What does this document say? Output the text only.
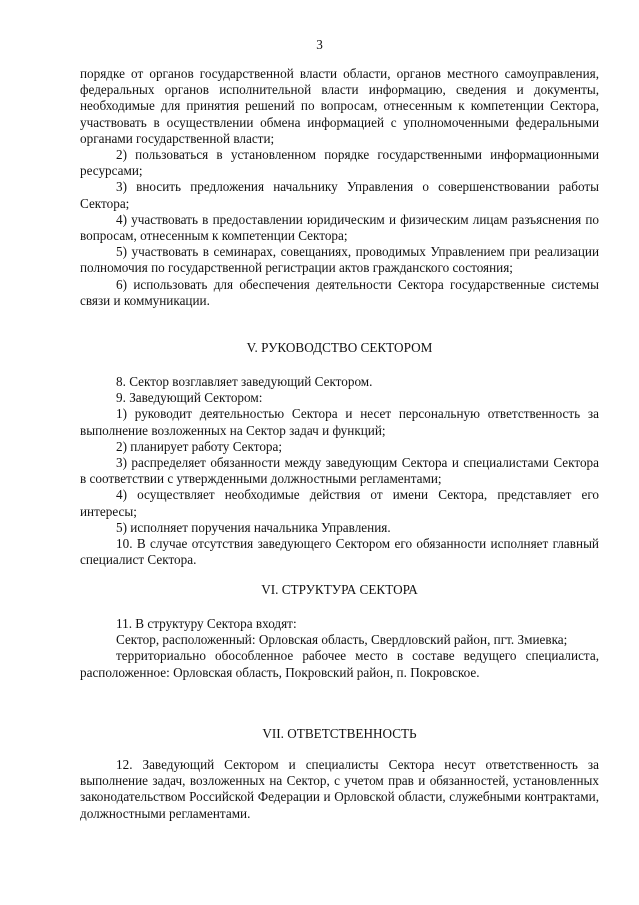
3

порядке от органов государственной власти области, органов местного самоуправления, федеральных органов исполнительной власти информацию, сведения и документы, необходимые для принятия решений по вопросам, отнесенным к компетенции Сектора, участвовать в осуществлении обмена информацией с уполномоченными федеральными органами государственной власти;

2) пользоваться в установленном порядке государственными информационными ресурсами;

3) вносить предложения начальнику Управления о совершенствовании работы Сектора;

4) участвовать в предоставлении юридическим и физическим лицам разъяснения по вопросам, отнесенным к компетенции Сектора;

5) участвовать в семинарах, совещаниях, проводимых Управлением при реализации полномочия по государственной регистрации актов гражданского состояния;

6) использовать для обеспечения деятельности Сектора государственные системы связи и коммуникации.

V. РУКОВОДСТВО СЕКТОРОМ

8. Сектор возглавляет заведующий Сектором.

9. Заведующий Сектором:

1) руководит деятельностью Сектора и несет персональную ответственность за выполнение возложенных на Сектор задач и функций;

2) планирует работу Сектора;

3) распределяет обязанности между заведующим Сектора и специалистами Сектора в соответствии с утвержденными должностными регламентами;

4) осуществляет необходимые действия от имени Сектора, представляет его интересы;

5) исполняет поручения начальника Управления.

10. В случае отсутствия заведующего Сектором его обязанности исполняет главный специалист Сектора.

VI. СТРУКТУРА СЕКТОРА

11. В структуру Сектора входят:

Сектор, расположенный: Орловская область, Свердловский район, пгт. Змиевка;

территориально обособленное рабочее место в составе ведущего специалиста, расположенное: Орловская область, Покровский район, п. Покровское.

VII. ОТВЕТСТВЕННОСТЬ

12. Заведующий Сектором и специалисты Сектора несут ответственность за выполнение задач, возложенных на Сектор, с учетом прав и обязанностей, установленных законодательством Российской Федерации и Орловской области, служебными контрактами, должностными регламентами.
